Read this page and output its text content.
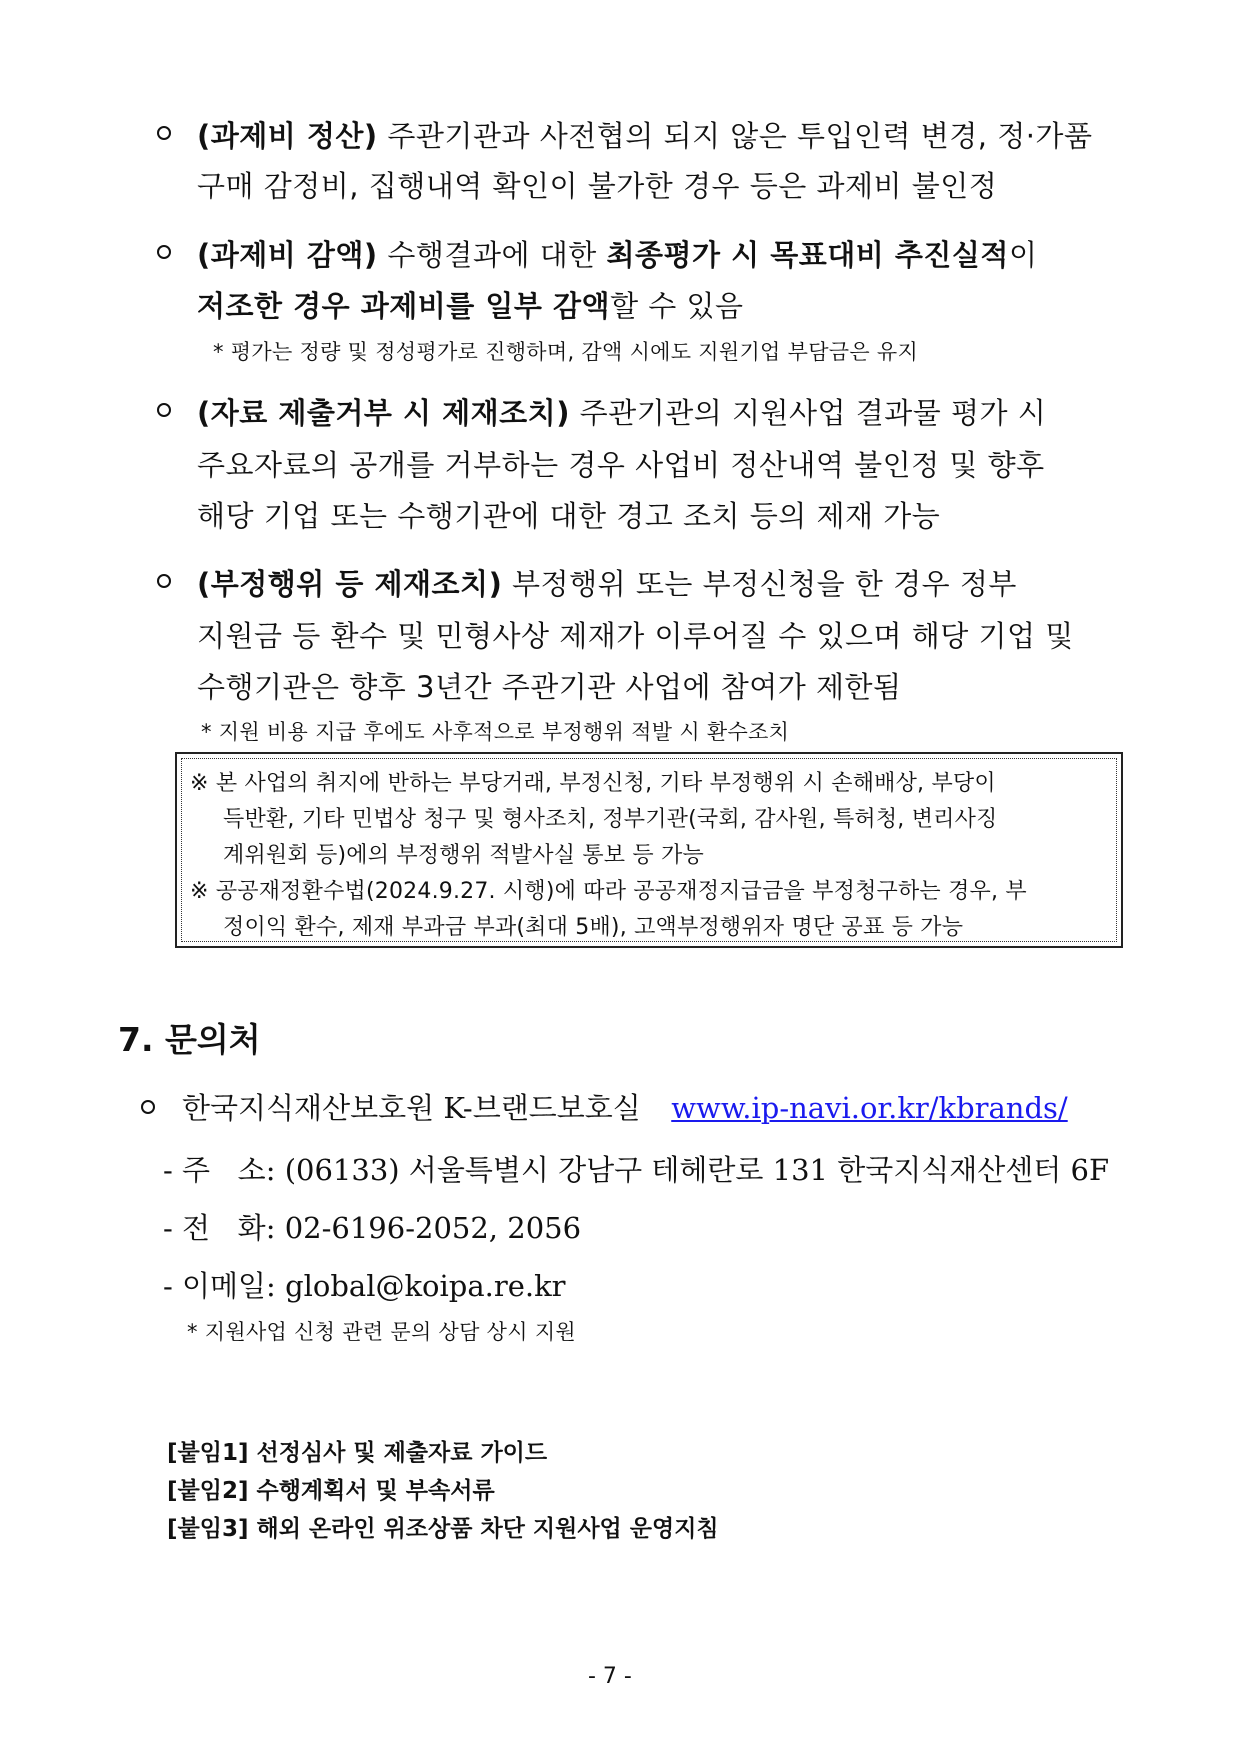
(과제비 정산) 주관기관과 사전협의 되지 않은 투입인력 변경, 정·가품
구매 감정비, 집행내역 확인이 불가한 경우 등은 과제비 불인정
(과제비 감액) 수행결과에 대한 최종평가 시 목표대비 추진실적이
저조한 경우 과제비를 일부 감액할 수 있음
* 평가는 정량 및 정성평가로 진행하며, 감액 시에도 지원기업 부담금은 유지
(자료 제출거부 시 제재조치) 주관기관의 지원사업 결과물 평가 시
주요자료의 공개를 거부하는 경우 사업비 정산내역 불인정 및 향후
해당 기업 또는 수행기관에 대한 경고 조치 등의 제재 가능
(부정행위 등 제재조치) 부정행위 또는 부정신청을 한 경우 정부
지원금 등 환수 및 민형사상 제재가 이루어질 수 있으며 해당 기업 및
수행기관은 향후 3년간 주관기관 사업에 참여가 제한됨
* 지원 비용 지급 후에도 사후적으로 부정행위 적발 시 환수조치
※ 본 사업의 취지에 반하는 부당거래, 부정신청, 기타 부정행위 시 손해배상, 부당이
득반환, 기타 민법상 청구 및 형사조치, 정부기관(국회, 감사원, 특허청, 변리사징
계위원회 등)에의 부정행위 적발사실 통보 등 가능
※ 공공재정환수법(2024.9.27. 시행)에 따라 공공재정지급금을 부정청구하는 경우, 부
정이익 환수, 제재 부과금 부과(최대 5배), 고액부정행위자 명단 공표 등 가능
7. 문의처
한국지식재산보호원 K-브랜드보호실 www.ip-navi.or.kr/kbrands/
- 주   소: (06133) 서울특별시 강남구 테헤란로 131 한국지식재산센터 6F
- 전   화: 02-6196-2052, 2056
- 이메일: global@koipa.re.kr
* 지원사업 신청 관련 문의 상담 상시 지원
[붙임1] 선정심사 및 제출자료 가이드
[붙임2] 수행계획서 및 부속서류
[붙임3] 해외 온라인 위조상품 차단 지원사업 운영지침
- 7 -
